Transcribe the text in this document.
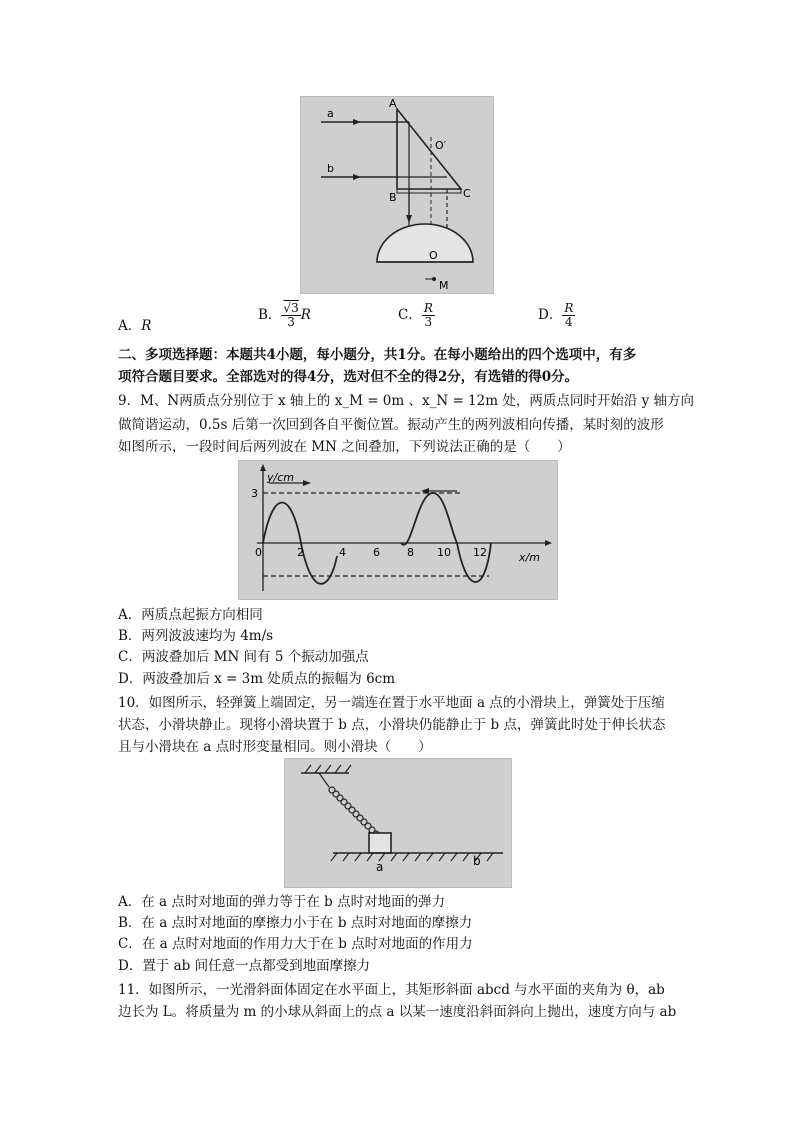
A
a
b
B	C
O′
O
M
A．R
B． $\frac{√3}{3}$ R	C． $\frac{R}{3}$	D． $\frac{R}{4}$
二、多项选择题：本题共4小题，每小题分，共1分。在每小题给出的四个选项中，有多
项符合题目要求。全部选对的得4分，选对但不全的得2分，有选错的得0分。
9．M、N两质点分别位于 x 轴上的 x_M = 0m 、x_N = 12m 处，两质点同时开始沿 y 轴方向
做简谐运动，0.5s 后第一次回到各自平衡位置。振动产生的两列波相向传播，某时刻的波形
如图所示，一段时间后两列波在 MN 之间叠加，下列说法正确的是（　　）
y/cm
x/m
3
0	2	4 6 8 10 12
A．两质点起振方向相同
B．两列波波速均为 4m/s
C．两波叠加后 MN 间有 5 个振动加强点
D．两波叠加后 x = 3m 处质点的振幅为 6cm
10．如图所示，轻弹簧上端固定，另一端连在置于水平地面 a 点的小滑块上，弹簧处于压缩
状态，小滑块静止。现将小滑块置于 b 点，小滑块仍能静止于 b 点，弹簧此时处于伸长状态
且与小滑块在 a 点时形变量相同。则小滑块（　　）
a	b
A．在 a 点时对地面的弹力等于在 b 点时对地面的弹力
B．在 a 点时对地面的摩擦力小于在 b 点时对地面的摩擦力
C．在 a 点时对地面的作用力大于在 b 点时对地面的作用力
D．置于 ab 间任意一点都受到地面摩擦力
11．如图所示，一光滑斜面体固定在水平面上，其矩形斜面 abcd 与水平面的夹角为 θ，ab
边长为 L。将质量为 m 的小球从斜面上的点 a 以某一速度沿斜面斜向上抛出，速度方向与 ab
